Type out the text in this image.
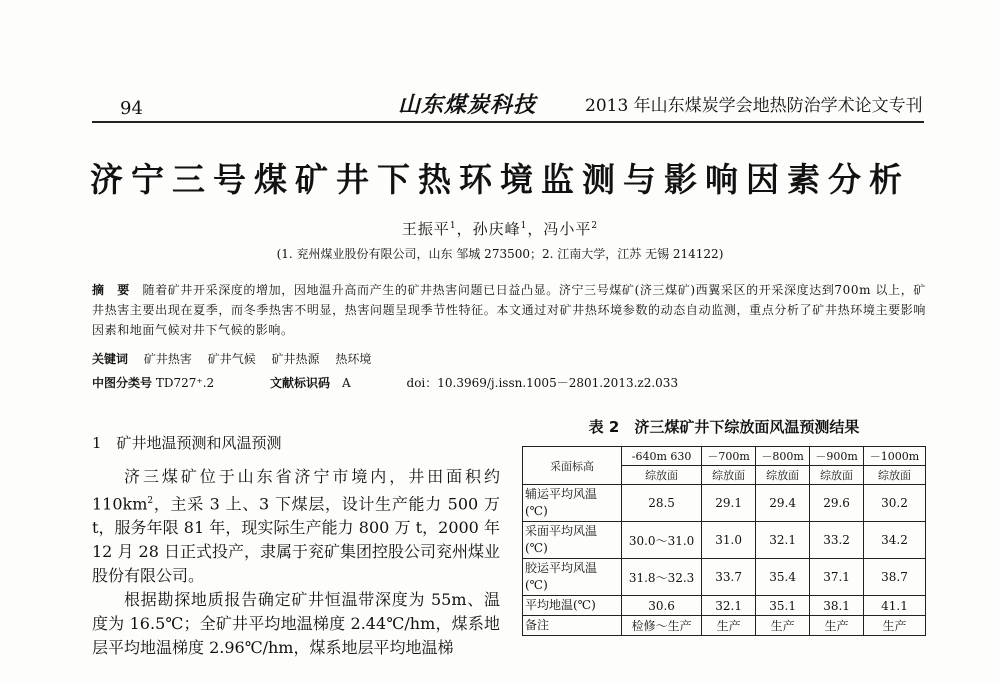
94	山东煤炭科技	2013 年山东煤炭学会地热防治学术论文专刊
济宁三号煤矿井下热环境监测与影响因素分析
王振平$^1$，孙庆峰$^1$，冯小平$^2$
(1. 兖州煤业股份有限公司，山东 邹城 273500；2. 江南大学，江苏 无锡 214122)
摘　要　 随着矿井开采深度的增加，因地温升高而产生的矿井热害问题已日益凸显。济宁三号煤矿(济三煤矿)西翼采区的开采深度达到700m 以上，矿井热害主要出现在夏季，而冬季热害不明显，热害问题呈现季节性特征。本文通过对矿井热环境参数的动态自动监测，重点分析了矿井热环境主要影响因素和地面气候对井下气候的影响。
关键词　 矿井热害　 矿井气候　 矿井热源　 热环境
中图分类号 TD727⁺.2	文献标识码　 A	doi：10.3969/j.issn.1005－2801.2013.z2.033
1　矿井地温预测和风温预测

济三煤矿位于山东省济宁市境内，井田面积约 $110km^2$，主采 3 上、3 下煤层，设计生产能力 500 万 t，服务年限 81 年，现实际生产能力 800 万 t，2000 年 12 月 28 日正式投产，隶属于兖矿集团控股公司兖州煤业股份有限公司。

根据勘探地质报告确定矿井恒温带深度为 55m、温度为 16.5℃；全矿井平均地温梯度 2.44℃/hm，煤系地层平均地温梯度 2.96℃/hm，煤系地层平均地温梯

表 2　济三煤矿井下综放面风温预测结果
采面标高	-640m 630	－700m	－800m	－900m	－1000m
	综放面	综放面	综放面	综放面	综放面
辅运平均风温(℃)	28.5	29.1	29.4	29.6	30.2
采面平均风温(℃)	30.0～31.0	31.0	32.1	33.2	34.2
胶运平均风温(℃)	31.8～32.3	33.7	35.4	37.1	38.7
平均地温(℃)	30.6	32.1	35.1	38.1	41.1
备注	检修～生产	生产	生产	生产	生产
